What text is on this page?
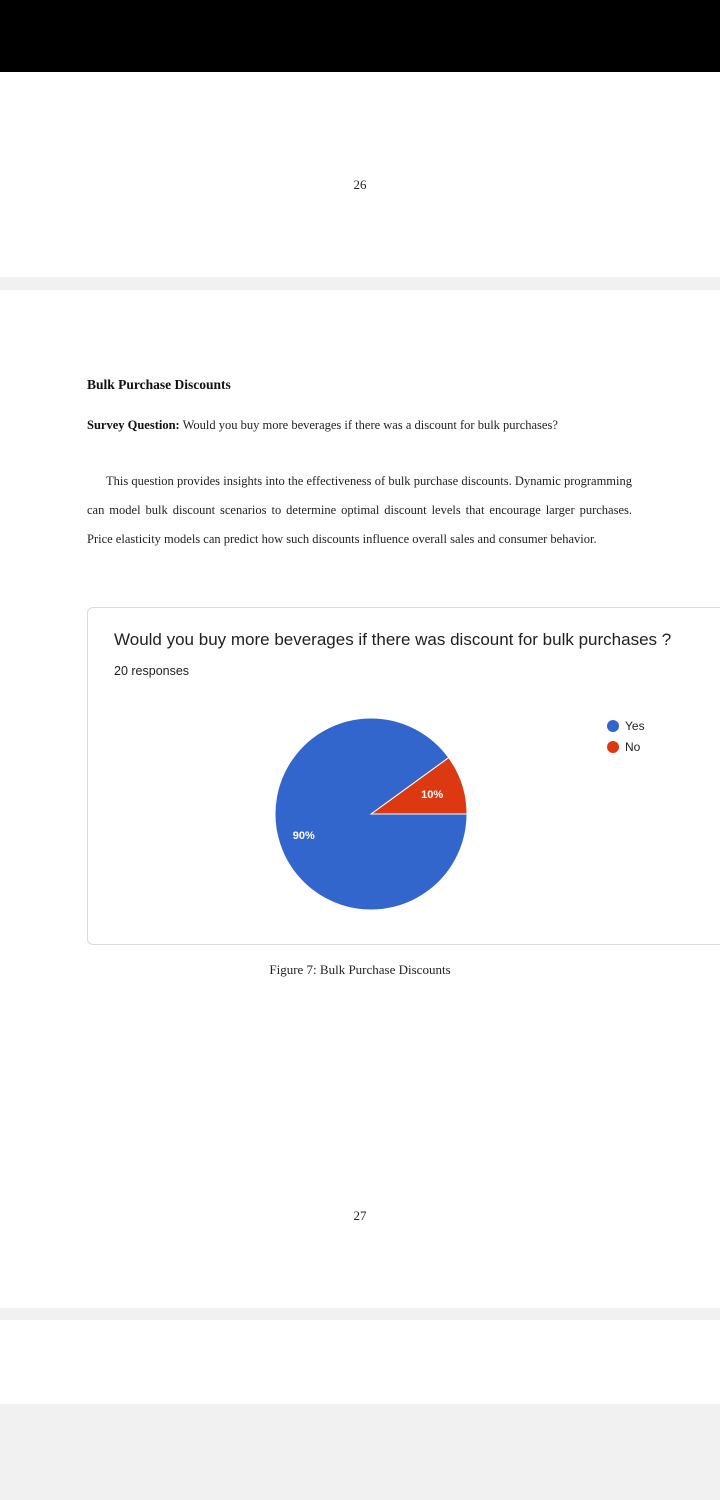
26
Bulk Purchase Discounts
Survey Question: Would you buy more beverages if there was a discount for bulk purchases?
This question provides insights into the effectiveness of bulk purchase discounts. Dynamic programming can model bulk discount scenarios to determine optimal discount levels that encourage larger purchases. Price elasticity models can predict how such discounts influence overall sales and consumer behavior.
Would you buy more beverages if there was discount for bulk purchases ?
20 responses
10%
90%
Yes
No
Figure 7: Bulk Purchase Discounts
27
